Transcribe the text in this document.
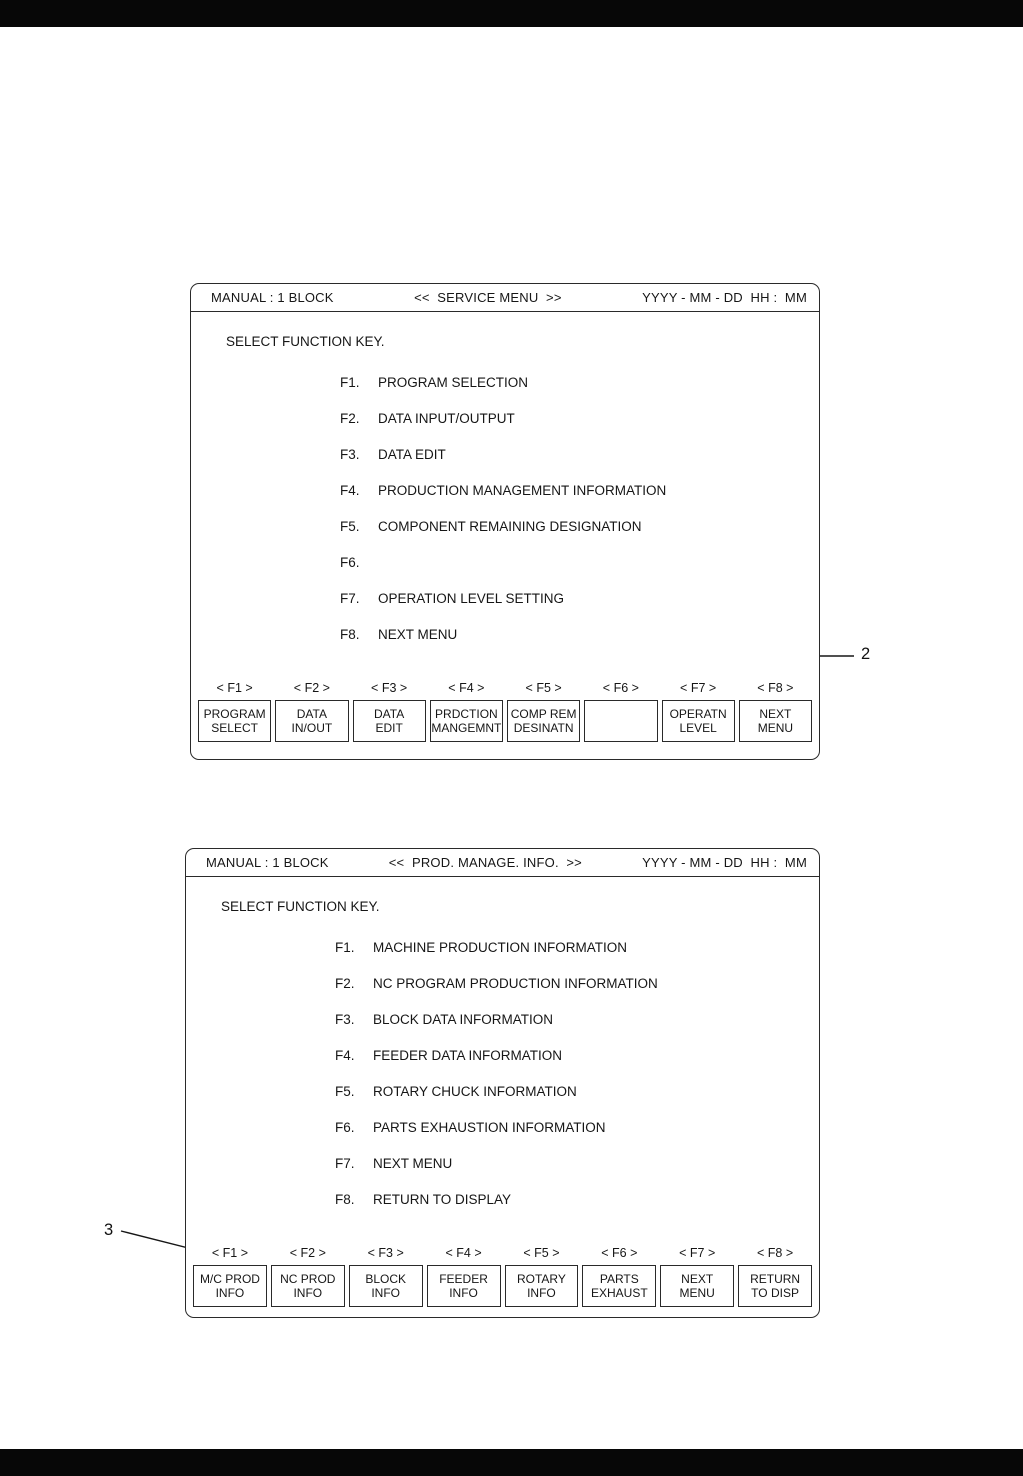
2
3
MANUAL : 1 BLOCK	<<  SERVICE MENU  >>	YYYY - MM - DD  HH :  MM
SELECT FUNCTION KEY.
F1.	PROGRAM SELECTION
F2.	DATA INPUT/OUTPUT
F3.	DATA EDIT
F4.	PRODUCTION MANAGEMENT INFORMATION
F5.	COMPONENT REMAINING DESIGNATION
F6.
F7.	OPERATION LEVEL SETTING
F8.	NEXT MENU
< F1 >
PROGRAM
SELECT
< F2 >
DATA
IN/OUT
< F3 >
DATA
EDIT
< F4 >
PRDCTION
MANGEMNT
< F5 >
COMP REM
DESINATN
< F6 >	< F7 >
OPERATN
LEVEL
< F8 >
NEXT
MENU
MANUAL : 1 BLOCK	<<  PROD. MANAGE. INFO.  >>	YYYY - MM - DD  HH :  MM
SELECT FUNCTION KEY.
F1.	MACHINE PRODUCTION INFORMATION
F2.	NC PROGRAM PRODUCTION INFORMATION
F3.	BLOCK DATA INFORMATION
F4.	FEEDER DATA INFORMATION
F5.	ROTARY CHUCK INFORMATION
F6.	PARTS EXHAUSTION INFORMATION
F7.	NEXT MENU
F8.	RETURN TO DISPLAY
< F1 >
M/C PROD
INFO
< F2 >
NC PROD
INFO
< F3 >
BLOCK
INFO
< F4 >
FEEDER
INFO
< F5 >
ROTARY
INFO
< F6 >
PARTS
EXHAUST
< F7 >
NEXT
MENU
< F8 >
RETURN
TO DISP
